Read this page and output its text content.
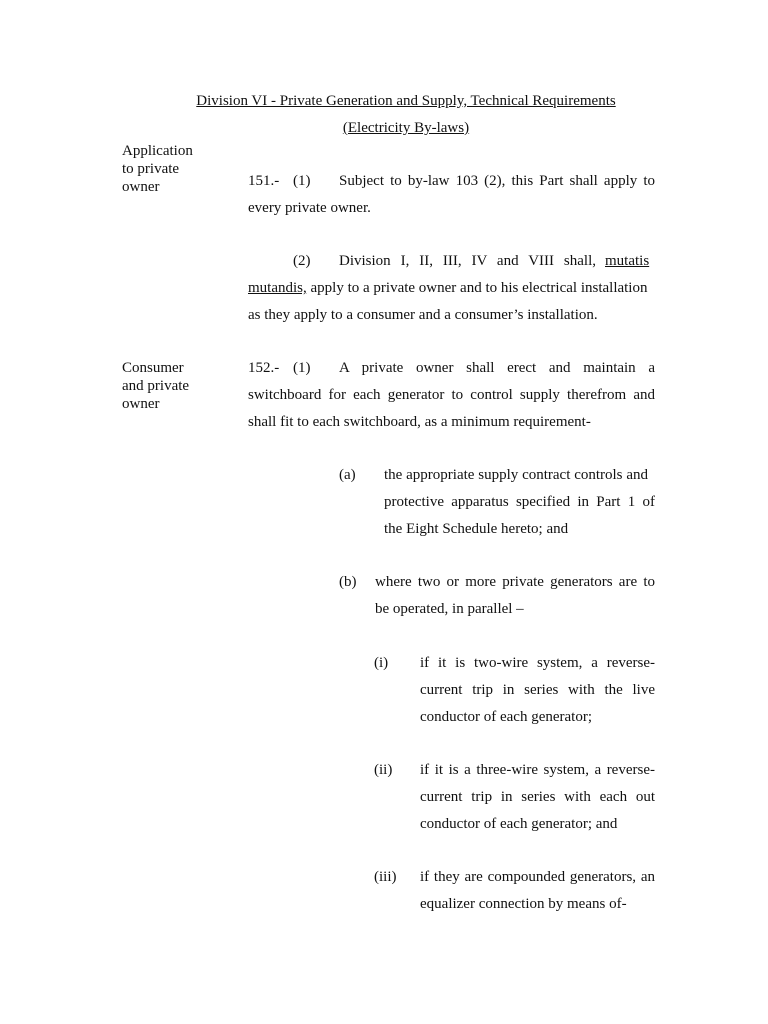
Division VI - Private Generation and Supply, Technical Requirements
(Electricity By-laws)
Application
to private
owner	151.- (1) Subject to by-law 103 (2), this Part shall apply to
every private owner.
(2) Division I, II, III, IV and VIII shall, mutatis
mutandis, apply to a private owner and to his electrical installation
as they apply to a consumer and a consumer’s installation.
Consumer
and private
owner
152.- (1) A private owner shall erect and maintain a
switchboard for each generator to control supply therefrom and
shall fit to each switchboard, as a minimum requirement-
(a) the appropriate supply contract controls and
protective apparatus specified in Part 1 of
the Eight Schedule hereto; and
(b) where two or more private generators are to
be operated, in parallel –
(i) if it is two-wire system, a reverse-
current trip in series with the live
conductor of each generator;
(ii) if it is a three-wire system, a reverse-
current trip in series with each out
conductor of each generator; and
(iii) if they are compounded generators, an
equalizer connection by means of-
